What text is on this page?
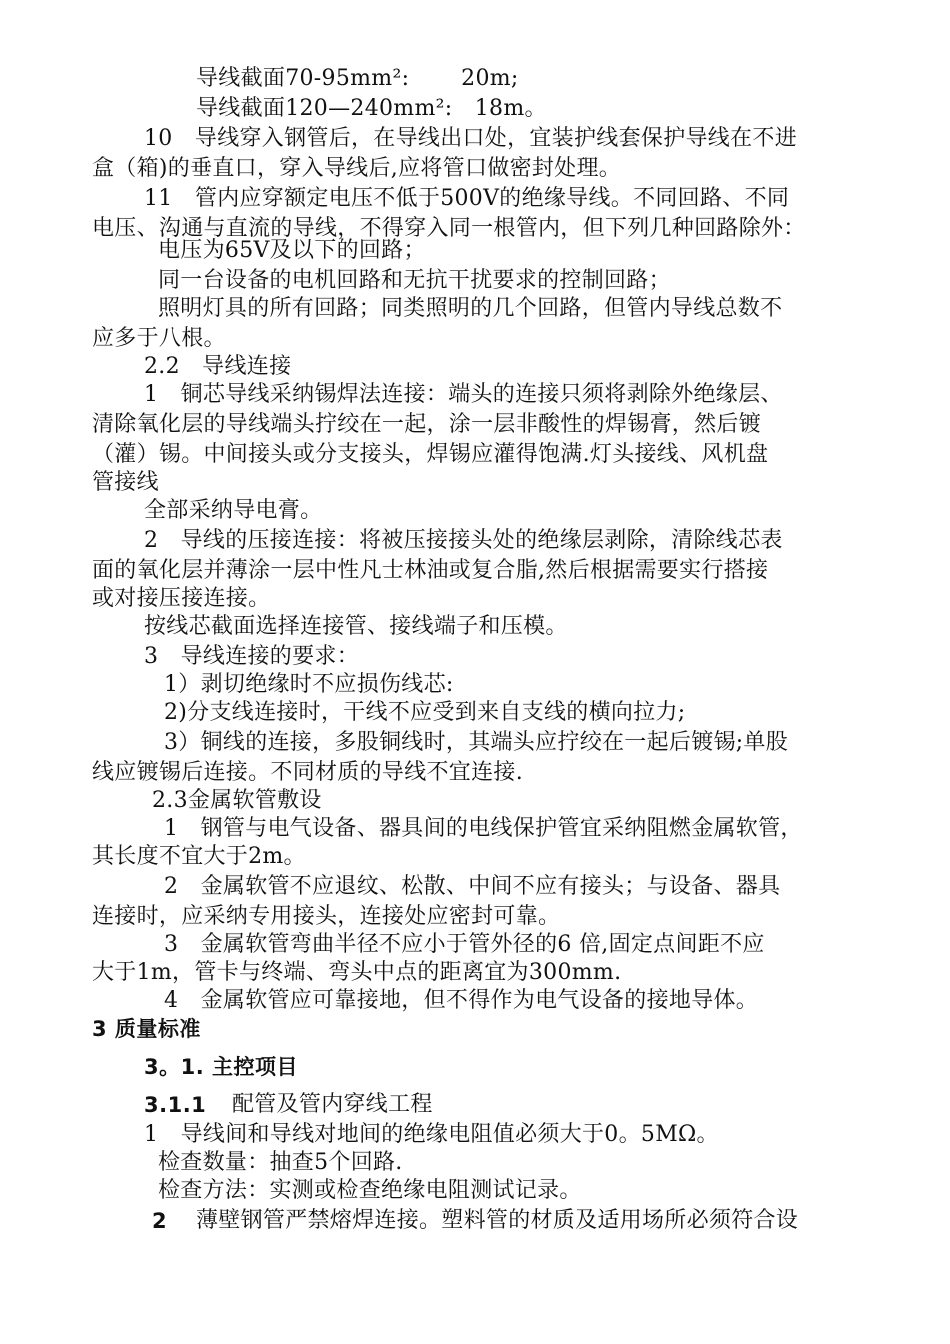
导线截面70-95mm²:　　 20m;
导线截面120—240mm²:　18m。
10　导线穿入钢管后，在导线出口处，宜装护线套保护导线在不进
盒（箱)的垂直口，穿入导线后,应将管口做密封处理。
11　管内应穿额定电压不低于500V的绝缘导线。不同回路、不同
电压、沟通与直流的导线，不得穿入同一根管内，但下列几种回路除外：
电压为65V及以下的回路；
同一台设备的电机回路和无抗干扰要求的控制回路；
照明灯具的所有回路；同类照明的几个回路，但管内导线总数不
应多于八根。
2.2　导线连接
1　铜芯导线采纳锡焊法连接：端头的连接只须将剥除外绝缘层、
清除氧化层的导线端头拧绞在一起，涂一层非酸性的焊锡膏，然后镀
（灌）锡。中间接头或分支接头，焊锡应灌得饱满.灯头接线、风机盘
管接线
全部采纳导电膏。
2　导线的压接连接：将被压接接头处的绝缘层剥除，清除线芯表
面的氧化层并薄涂一层中性凡士林油或复合脂,然后根据需要实行搭接
或对接压接连接。
按线芯截面选择连接管、接线端子和压模。
3　导线连接的要求：
1）剥切绝缘时不应损伤线芯:
2)分支线连接时，干线不应受到来自支线的横向拉力;
3）铜线的连接，多股铜线时，其端头应拧绞在一起后镀锡;单股
线应镀锡后连接。不同材质的导线不宜连接.
2.3金属软管敷设
1　钢管与电气设备、器具间的电线保护管宜采纳阻燃金属软管，
其长度不宜大于2m。
2　金属软管不应退纹、松散、中间不应有接头；与设备、器具
连接时，应采纳专用接头，连接处应密封可靠。
3　金属软管弯曲半径不应小于管外径的6 倍,固定点间距不应
大于1m，管卡与终端、弯头中点的距离宜为300mm.
4　金属软管应可靠接地，但不得作为电气设备的接地导体。
3 质量标准
3。1. 主控项目
3.1.1 配管及管内穿线工程
1　导线间和导线对地间的绝缘电阻值必须大于0。5MΩ。
检查数量：抽查5个回路.
检查方法：实测或检查绝缘电阻测试记录。
2 薄壁钢管严禁熔焊连接。塑料管的材质及适用场所必须符合设
